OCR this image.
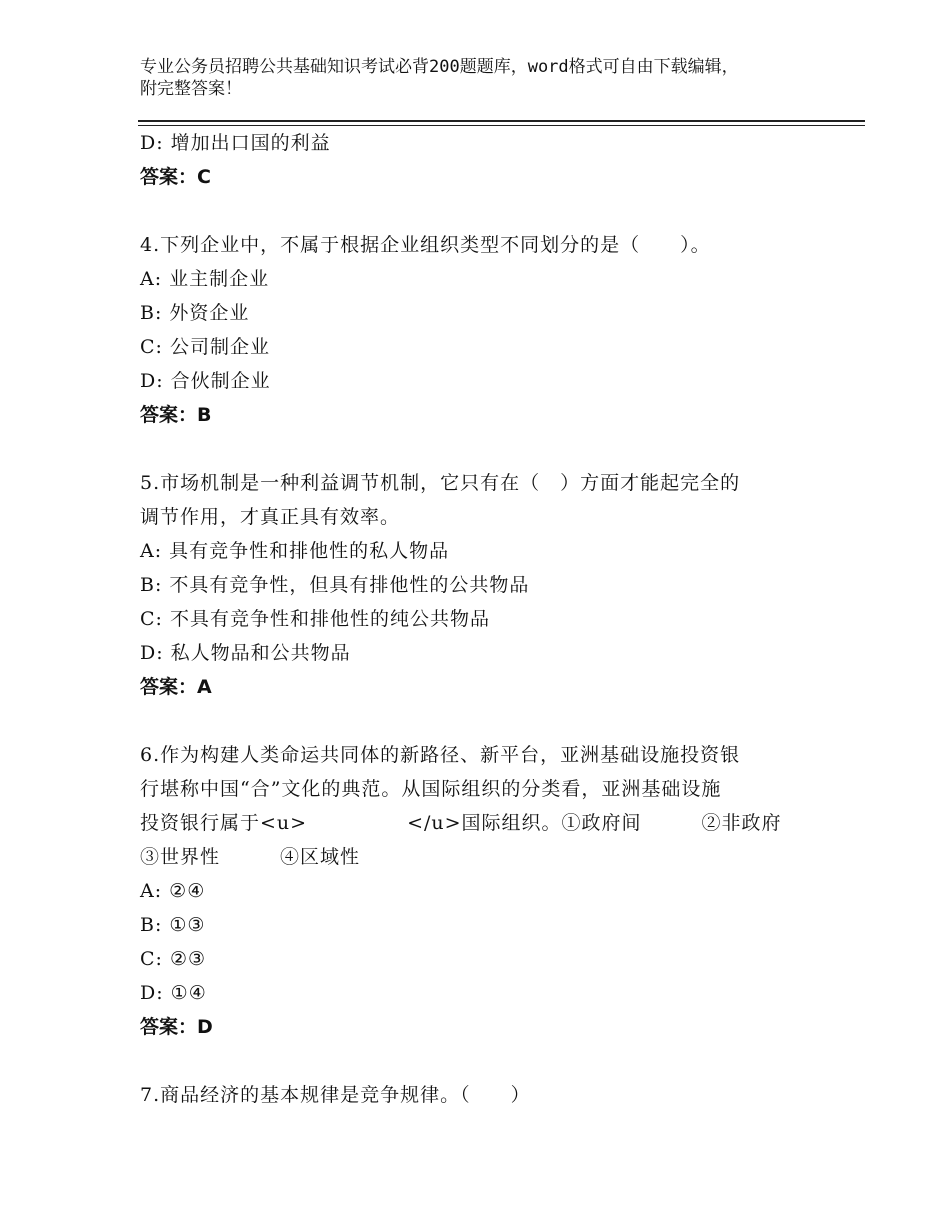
专业公务员招聘公共基础知识考试必背200题题库，word格式可自由下载编辑，
附完整答案！
D: 增加出口国的利益
答案：C
4.下列企业中，不属于根据企业组织类型不同划分的是（　　）。
A: 业主制企业
B: 外资企业
C: 公司制企业
D: 合伙制企业
答案：B
5.市场机制是一种利益调节机制，它只有在（　）方面才能起完全的
调节作用，才真正具有效率。
A: 具有竞争性和排他性的私人物品
B: 不具有竞争性，但具有排他性的公共物品
C: 不具有竞争性和排他性的纯公共物品
D: 私人物品和公共物品
答案：A
6.作为构建人类命运共同体的新路径、新平台，亚洲基础设施投资银
行堪称中国“合”文化的典范。从国际组织的分类看，亚洲基础设施
投资银行属于<u>　　　　　</u>国际组织。①政府间　　　②非政府
③世界性　　　④区域性
A: ②④
B: ①③
C: ②③
D: ①④
答案：D
7.商品经济的基本规律是竞争规律。（　　）
